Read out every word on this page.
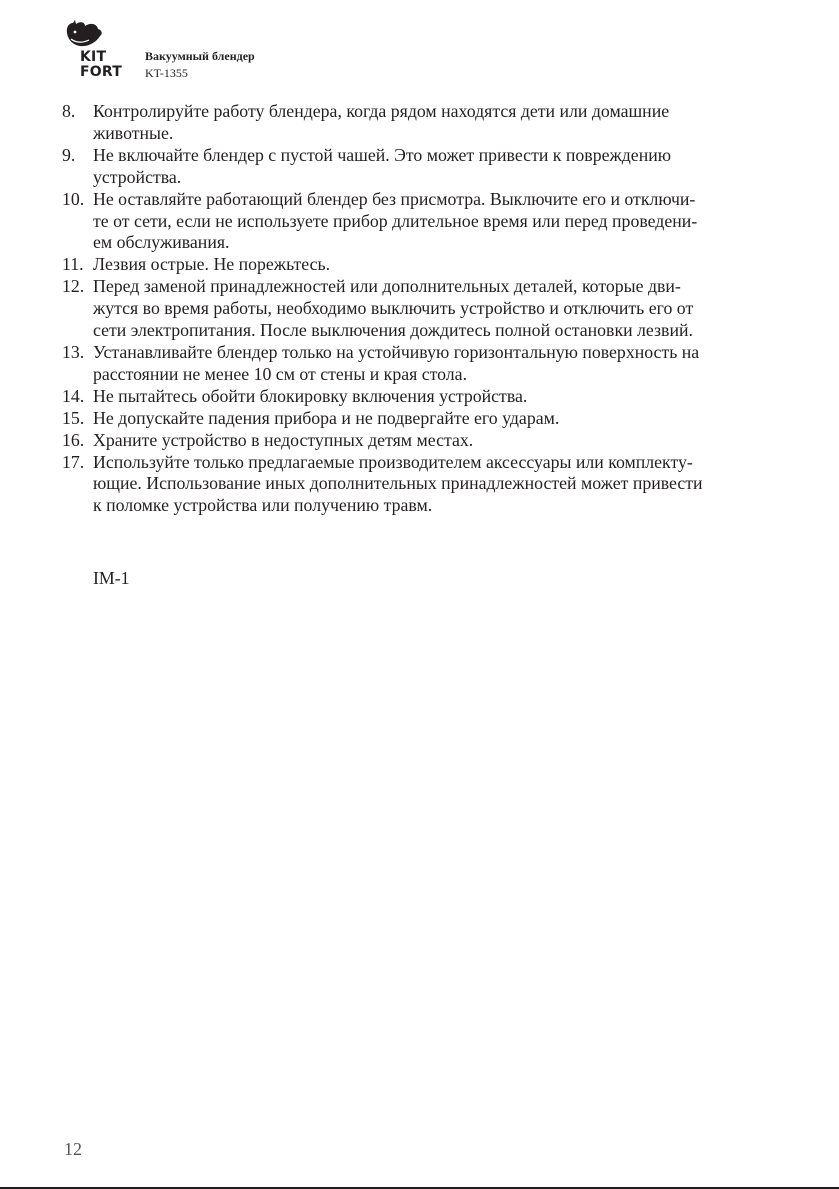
KIT
FORT
Вакуумный блендер
KT-1355
8. Контролируйте работу блендера, когда рядом находятся дети или домашние
животные.
9. Не включайте блендер с пустой чашей. Это может привести к повреждению
устройства.
10. Не оставляйте работающий блендер без присмотра. Выключите его и отключи-
те от сети, если не используете прибор длительное время или перед проведени-
ем обслуживания.
11. Лезвия острые. Не порежьтесь.
12. Перед заменой принадлежностей или дополнительных деталей, которые дви-
жутся во время работы, необходимо выключить устройство и отключить его от
сети электропитания. После выключения дождитесь полной остановки лезвий.
13. Устанавливайте блендер только на устойчивую горизонтальную поверхность на
расстоянии не менее 10 см от стены и края стола.
14. Не пытайтесь обойти блокировку включения устройства.
15. Не допускайте падения прибора и не подвергайте его ударам.
16. Храните устройство в недоступных детям местах.
17. Используйте только предлагаемые производителем аксессуары или комплекту-
ющие. Использование иных дополнительных принадлежностей может привести
к поломке устройства или получению травм.
IM-1
12
